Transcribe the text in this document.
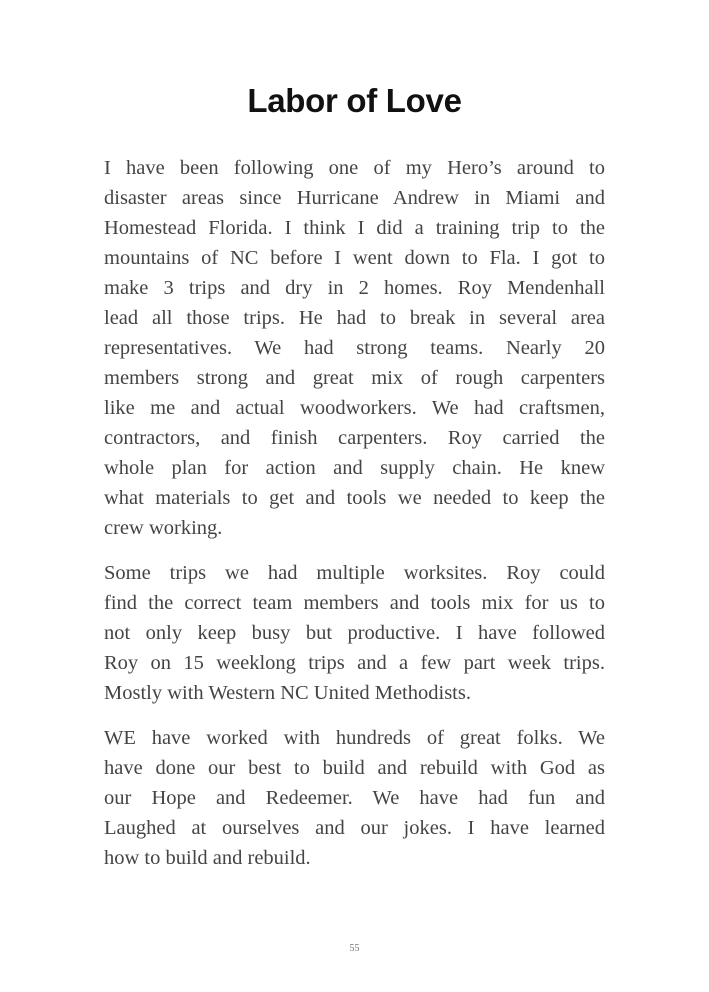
Labor of Love
I have been following one of my Hero’s around to
disaster areas since Hurricane Andrew in Miami and
Homestead Florida. I think I did a training trip to the
mountains of NC before I went down to Fla. I got to
make 3 trips and dry in 2 homes. Roy Mendenhall
lead all those trips. He had to break in several area
representatives. We had strong teams. Nearly 20
members strong and great mix of rough carpenters
like me and actual woodworkers. We had craftsmen,
contractors, and finish carpenters. Roy carried the
whole plan for action and supply chain. He knew
what materials to get and tools we needed to keep the
crew working.
Some trips we had multiple worksites. Roy could
find the correct team members and tools mix for us to
not only keep busy but productive. I have followed
Roy on 15 weeklong trips and a few part week trips.
Mostly with Western NC United Methodists.
WE have worked with hundreds of great folks. We
have done our best to build and rebuild with God as
our Hope and Redeemer. We have had fun and
Laughed at ourselves and our jokes. I have learned
how to build and rebuild.
55
